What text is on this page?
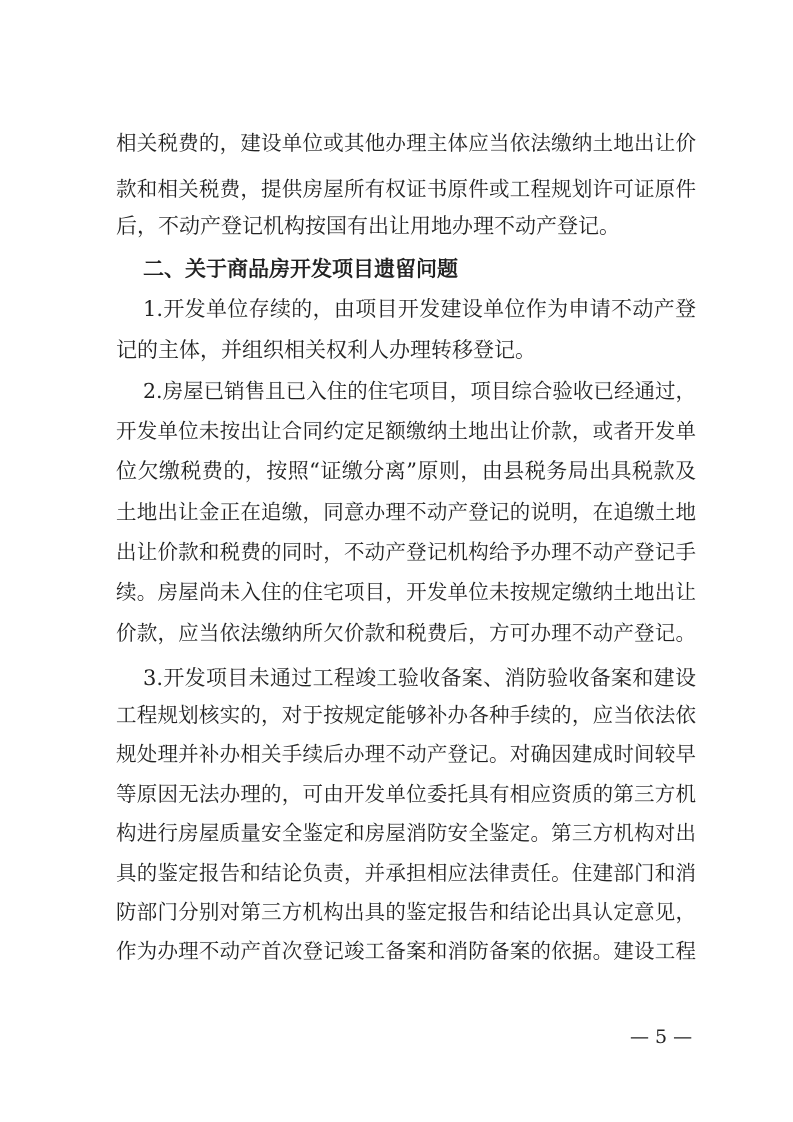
相关税费的，建设单位或其他办理主体应当依法缴纳土地出让价
款和相关税费，提供房屋所有权证书原件或工程规划许可证原件
后，不动产登记机构按国有出让用地办理不动产登记。
二、关于商品房开发项目遗留问题
1.开发单位存续的，由项目开发建设单位作为申请不动产登
记的主体，并组织相关权利人办理转移登记。
2.房屋已销售且已入住的住宅项目，项目综合验收已经通过，
开发单位未按出让合同约定足额缴纳土地出让价款，或者开发单
位欠缴税费的，按照“证缴分离”原则，由县税务局出具税款及
土地出让金正在追缴，同意办理不动产登记的说明，在追缴土地
出让价款和税费的同时，不动产登记机构给予办理不动产登记手
续。房屋尚未入住的住宅项目，开发单位未按规定缴纳土地出让
价款，应当依法缴纳所欠价款和税费后，方可办理不动产登记。
3.开发项目未通过工程竣工验收备案、消防验收备案和建设
工程规划核实的，对于按规定能够补办各种手续的，应当依法依
规处理并补办相关手续后办理不动产登记。对确因建成时间较早
等原因无法办理的，可由开发单位委托具有相应资质的第三方机
构进行房屋质量安全鉴定和房屋消防安全鉴定。第三方机构对出
具的鉴定报告和结论负责，并承担相应法律责任。住建部门和消
防部门分别对第三方机构出具的鉴定报告和结论出具认定意见，
作为办理不动产首次登记竣工备案和消防备案的依据。建设工程
— 5 —
